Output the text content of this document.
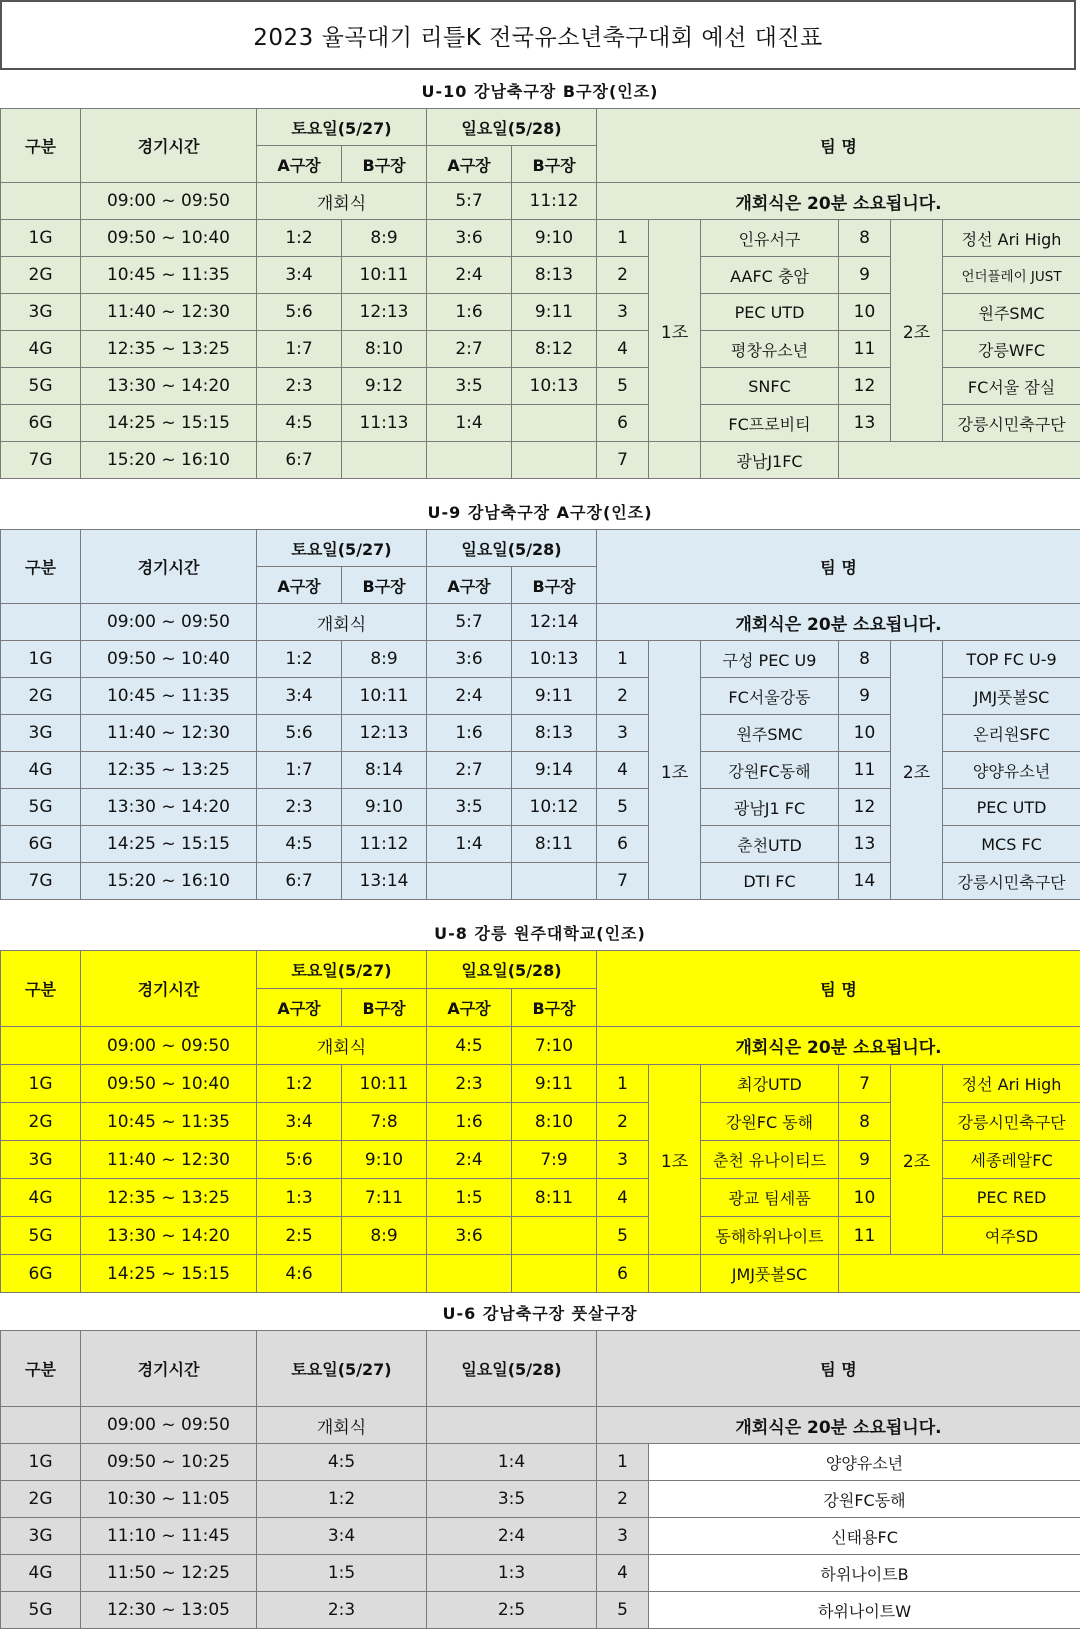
2023 율곡대기 리틀K 전국유소년축구대회 예선 대진표
U-10 강남축구장 B구장(인조)
구분	경기시간	토요일(5/27)		일요일(5/28)		팀 명					
		A구장	B구장	A구장	B구장						
	09:00 ~ 09:50	개회식		5:7	11:12	개회식은 20분 소요됩니다.					
1G	09:50 ~ 10:40	1:2	8:9	3:6	9:10	1	1조	인유서구	8	2조	정선 Ari High
2G	10:45 ~ 11:35	3:4	10:11	2:4	8:13	2		AAFC 충암	9		언더플레이 JUST
3G	11:40 ~ 12:30	5:6	12:13	1:6	9:11	3		PEC UTD	10		원주SMC
4G	12:35 ~ 13:25	1:7	8:10	2:7	8:12	4		평창유소년	11		강릉WFC
5G	13:30 ~ 14:20	2:3	9:12	3:5	10:13	5		SNFC	12		FC서울 잠실
6G	14:25 ~ 15:15	4:5	11:13	1:4		6		FC프로비티	13		강릉시민축구단
7G	15:20 ~ 16:10	6:7				7		광남J1FC			
U-9 강남축구장 A구장(인조)
구분	경기시간	토요일(5/27)		일요일(5/28)		팀 명					
		A구장	B구장	A구장	B구장						
	09:00 ~ 09:50	개회식		5:7	12:14	개회식은 20분 소요됩니다.					
1G	09:50 ~ 10:40	1:2	8:9	3:6	10:13	1	1조	구성 PEC U9	8	2조	TOP FC U-9
2G	10:45 ~ 11:35	3:4	10:11	2:4	9:11	2		FC서울강동	9		JMJ풋볼SC
3G	11:40 ~ 12:30	5:6	12:13	1:6	8:13	3		원주SMC	10		온리원SFC
4G	12:35 ~ 13:25	1:7	8:14	2:7	9:14	4		강원FC동해	11		양양유소년
5G	13:30 ~ 14:20	2:3	9:10	3:5	10:12	5		광남J1 FC	12		PEC UTD
6G	14:25 ~ 15:15	4:5	11:12	1:4	8:11	6		춘천UTD	13		MCS FC
7G	15:20 ~ 16:10	6:7	13:14			7		DTI FC	14		강릉시민축구단
U-8 강릉 원주대학교(인조)
구분	경기시간	토요일(5/27)		일요일(5/28)		팀 명					
		A구장	B구장	A구장	B구장						
	09:00 ~ 09:50	개회식		4:5	7:10	개회식은 20분 소요됩니다.					
1G	09:50 ~ 10:40	1:2	10:11	2:3	9:11	1	1조	최강UTD	7	2조	정선 Ari High
2G	10:45 ~ 11:35	3:4	7:8	1:6	8:10	2		강원FC 동해	8		강릉시민축구단
3G	11:40 ~ 12:30	5:6	9:10	2:4	7:9	3		춘천 유나이티드	9		세종레알FC
4G	12:35 ~ 13:25	1:3	7:11	1:5	8:11	4		광교 팀세품	10		PEC RED
5G	13:30 ~ 14:20	2:5	8:9	3:6		5		동해하위나이트	11		여주SD
6G	14:25 ~ 15:15	4:6				6		JMJ풋볼SC			
U-6 강남축구장 풋살구장
구분	경기시간	토요일(5/27)	일요일(5/28)	팀 명	
	09:00 ~ 09:50	개회식		개회식은 20분 소요됩니다.	
1G	09:50 ~ 10:25	4:5	1:4	1	양양유소년
2G	10:30 ~ 11:05	1:2	3:5	2	강원FC동해
3G	11:10 ~ 11:45	3:4	2:4	3	신태용FC
4G	11:50 ~ 12:25	1:5	1:3	4	하위나이트B
5G	12:30 ~ 13:05	2:3	2:5	5	하위나이트W
